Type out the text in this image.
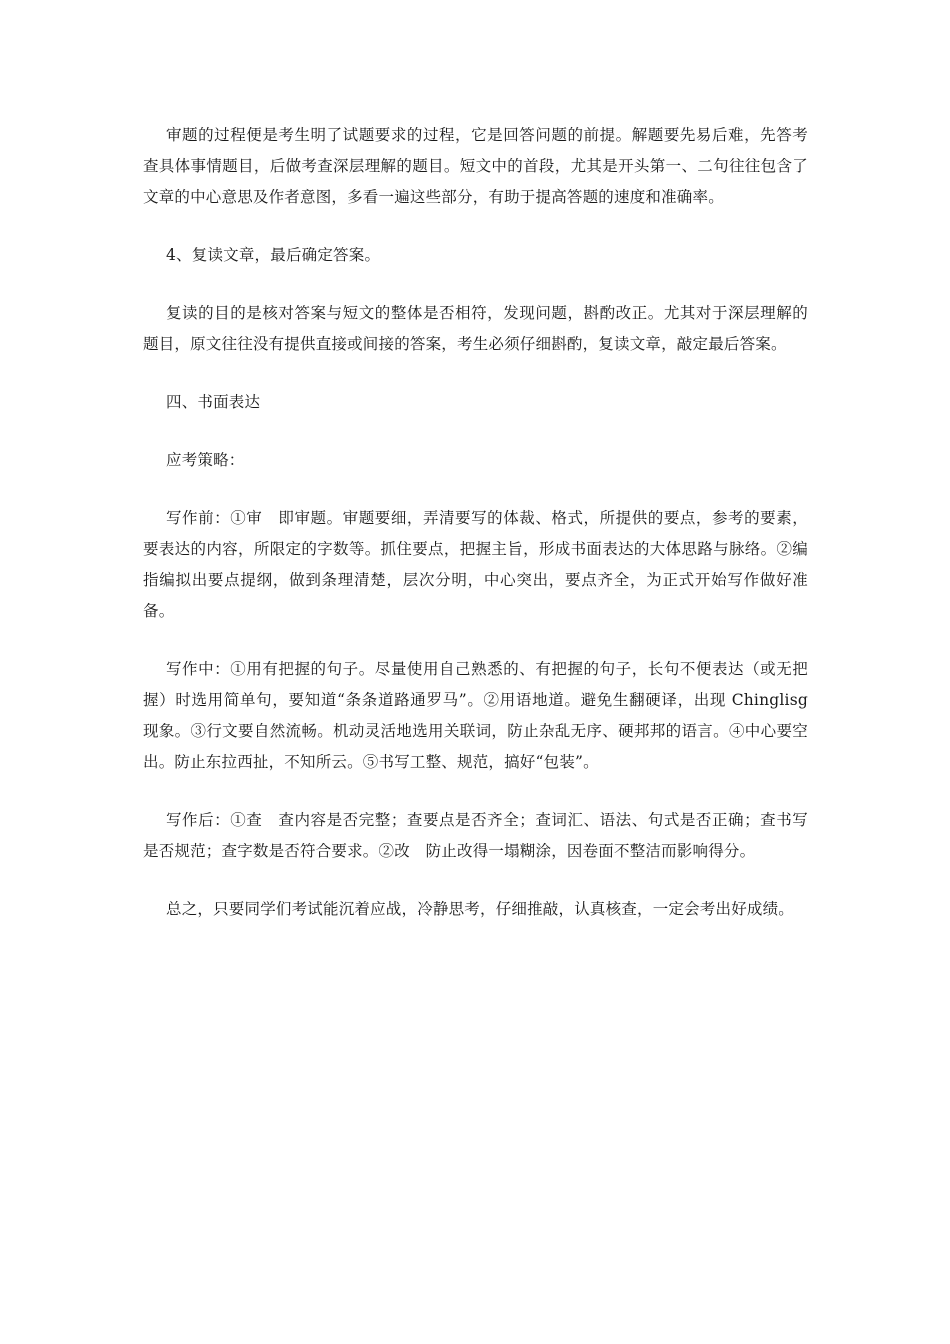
审题的过程便是考生明了试题要求的过程，它是回答问题的前提。解题要先易后难，先答考查具体事情题目，后做考查深层理解的题目。短文中的首段，尤其是开头第一、二句往往包含了文章的中心意思及作者意图，多看一遍这些部分，有助于提高答题的速度和准确率。

4、复读文章，最后确定答案。

复读的目的是核对答案与短文的整体是否相符，发现问题，斟酌改正。尤其对于深层理解的题目，原文往往没有提供直接或间接的答案，考生必须仔细斟酌，复读文章，敲定最后答案。

四、书面表达

应考策略：

写作前：①审　即审题。审题要细，弄清要写的体裁、格式，所提供的要点，参考的要素，要表达的内容，所限定的字数等。抓住要点，把握主旨，形成书面表达的大体思路与脉络。②编　指编拟出要点提纲，做到条理清楚，层次分明，中心突出，要点齐全，为正式开始写作做好准备。

写作中：①用有把握的句子。尽量使用自己熟悉的、有把握的句子，长句不便表达（或无把握）时选用简单句，要知道“条条道路通罗马”。②用语地道。避免生翻硬译，出现 Chinglisg 现象。③行文要自然流畅。机动灵活地选用关联词，防止杂乱无序、硬邦邦的语言。④中心要空出。防止东拉西扯，不知所云。⑤书写工整、规范，搞好“包装”。

写作后：①查　查内容是否完整；查要点是否齐全；查词汇、语法、句式是否正确；查书写是否规范；查字数是否符合要求。②改　防止改得一塌糊涂，因卷面不整洁而影响得分。

总之，只要同学们考试能沉着应战，冷静思考，仔细推敲，认真核查，一定会考出好成绩。
